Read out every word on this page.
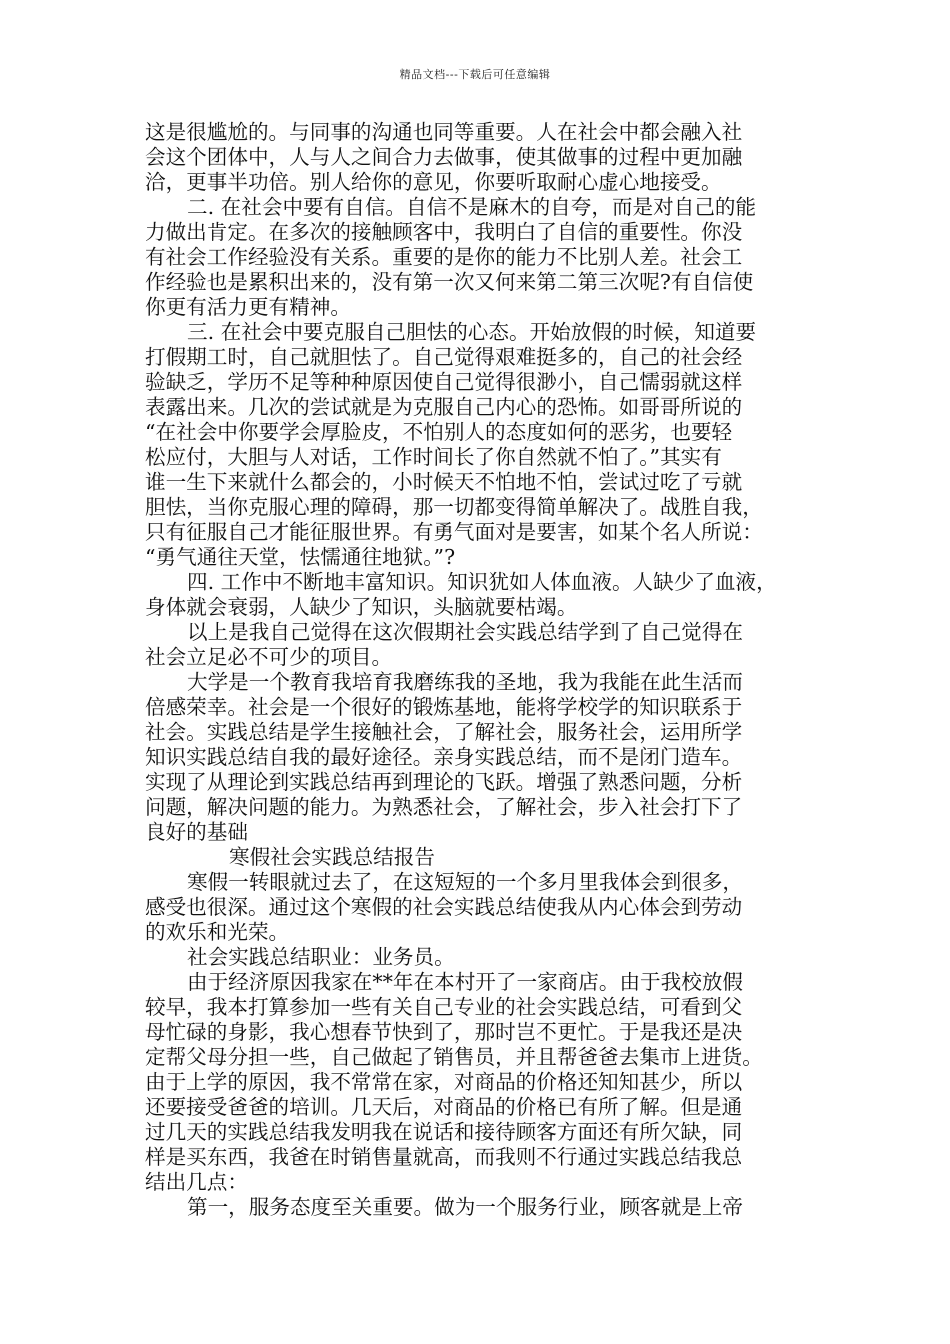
精品文档---下载后可任意编辑
这是很尴尬的。与同事的沟通也同等重要。人在社会中都会融入社
会这个团体中，人与人之间合力去做事，使其做事的过程中更加融
洽，更事半功倍。别人给你的意见，你要听取耐心虚心地接受。
二. 在社会中要有自信。自信不是麻木的自夸，而是对自己的能
力做出肯定。在多次的接触顾客中，我明白了自信的重要性。你没
有社会工作经验没有关系。重要的是你的能力不比别人差。社会工
作经验也是累积出来的，没有第一次又何来第二第三次呢?有自信使
你更有活力更有精神。
三. 在社会中要克服自己胆怯的心态。开始放假的时候，知道要
打假期工时，自己就胆怯了。自己觉得艰难挺多的，自己的社会经
验缺乏，学历不足等种种原因使自己觉得很渺小，自己懦弱就这样
表露出来。几次的尝试就是为克服自己内心的恐怖。如哥哥所说的
“在社会中你要学会厚脸皮，不怕别人的态度如何的恶劣，也要轻
松应付，大胆与人对话，工作时间长了你自然就不怕了。”其实有
谁一生下来就什么都会的，小时候天不怕地不怕，尝试过吃了亏就
胆怯，当你克服心理的障碍，那一切都变得简单解决了。战胜自我，
只有征服自己才能征服世界。有勇气面对是要害，如某个名人所说：
“勇气通往天堂，怯懦通往地狱。”?
四. 工作中不断地丰富知识。知识犹如人体血液。人缺少了血液，
身体就会衰弱，人缺少了知识，头脑就要枯竭。
以上是我自己觉得在这次假期社会实践总结学到了自己觉得在
社会立足必不可少的项目。
大学是一个教育我培育我磨练我的圣地，我为我能在此生活而
倍感荣幸。社会是一个很好的锻炼基地，能将学校学的知识联系于
社会。实践总结是学生接触社会，了解社会，服务社会，运用所学
知识实践总结自我的最好途径。亲身实践总结，而不是闭门造车。
实现了从理论到实践总结再到理论的飞跃。增强了熟悉问题，分析
问题，解决问题的能力。为熟悉社会，了解社会，步入社会打下了
良好的基础
寒假社会实践总结报告
寒假一转眼就过去了，在这短短的一个多月里我体会到很多，
感受也很深。通过这个寒假的社会实践总结使我从内心体会到劳动
的欢乐和光荣。
社会实践总结职业：业务员。
由于经济原因我家在**年在本村开了一家商店。由于我校放假
较早，我本打算参加一些有关自己专业的社会实践总结，可看到父
母忙碌的身影，我心想春节快到了，那时岂不更忙。于是我还是决
定帮父母分担一些，自己做起了销售员，并且帮爸爸去集市上进货。
由于上学的原因，我不常常在家，对商品的价格还知知甚少，所以
还要接受爸爸的培训。几天后，对商品的价格已有所了解。但是通
过几天的实践总结我发明我在说话和接待顾客方面还有所欠缺，同
样是买东西，我爸在时销售量就高，而我则不行通过实践总结我总
结出几点：
第一，服务态度至关重要。做为一个服务行业，顾客就是上帝
